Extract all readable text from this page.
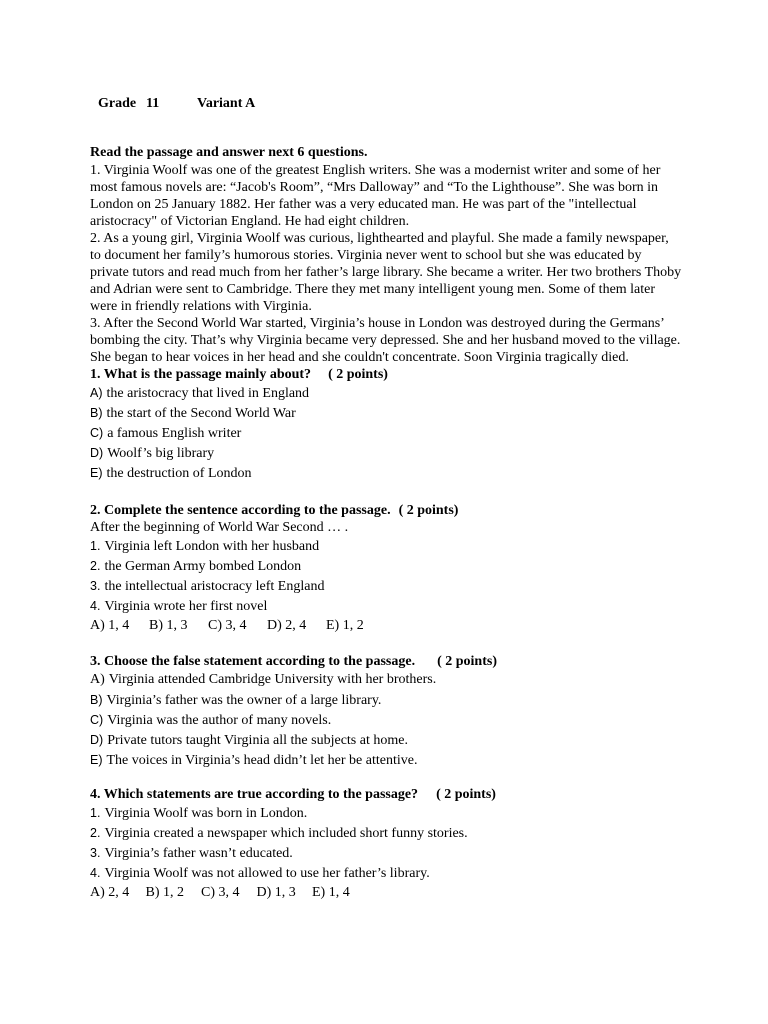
Grade 11	Variant A
Read the passage and answer next 6 questions.
1. Virginia Woolf was one of the greatest English writers. She was a modernist writer and some of her
most famous novels are: “Jacob's Room”, “Mrs Dalloway” and “To the Lighthouse”. She was born in
London on 25 January 1882. Her father was a very educated man. He was part of the "intellectual
aristocracy" of Victorian England. He had eight children.
2. As a young girl, Virginia Woolf was curious, lighthearted and playful. She made a family newspaper,
to document her family’s humorous stories. Virginia never went to school but she was educated by
private tutors and read much from her father’s large library. She became a writer. Her two brothers Thoby
and Adrian were sent to Cambridge. There they met many intelligent young men. Some of them later
were in friendly relations with Virginia.
3. After the Second World War started, Virginia’s house in London was destroyed during the Germans’
bombing the city. That’s why Virginia became very depressed. She and her husband moved to the village.
She began to hear voices in her head and she couldn't concentrate. Soon Virginia tragically died.
1. What is the passage mainly about? ( 2 points)
A) the aristocracy that lived in England
B) the start of the Second World War
C) a famous English writer
D) Woolf’s big library
E) the destruction of London
2. Complete the sentence according to the passage. ( 2 points)
After the beginning of World War Second … .
1. Virginia left London with her husband
2. the German Army bombed London
3. the intellectual aristocracy left England
4. Virginia wrote her first novel
A) 1, 4 B) 1, 3 C) 3, 4 D) 2, 4 E) 1, 2
3. Choose the false statement according to the passage. ( 2 points)
A) Virginia attended Cambridge University with her brothers.
B) Virginia’s father was the owner of a large library.
C) Virginia was the author of many novels.
D) Private tutors taught Virginia all the subjects at home.
E) The voices in Virginia’s head didn’t let her be attentive.
4. Which statements are true according to the passage? ( 2 points)
1. Virginia Woolf was born in London.
2. Virginia created a newspaper which included short funny stories.
3. Virginia’s father wasn’t educated.
4. Virginia Woolf was not allowed to use her father’s library.
A) 2, 4 B) 1, 2 C) 3, 4 D) 1, 3 E) 1, 4
